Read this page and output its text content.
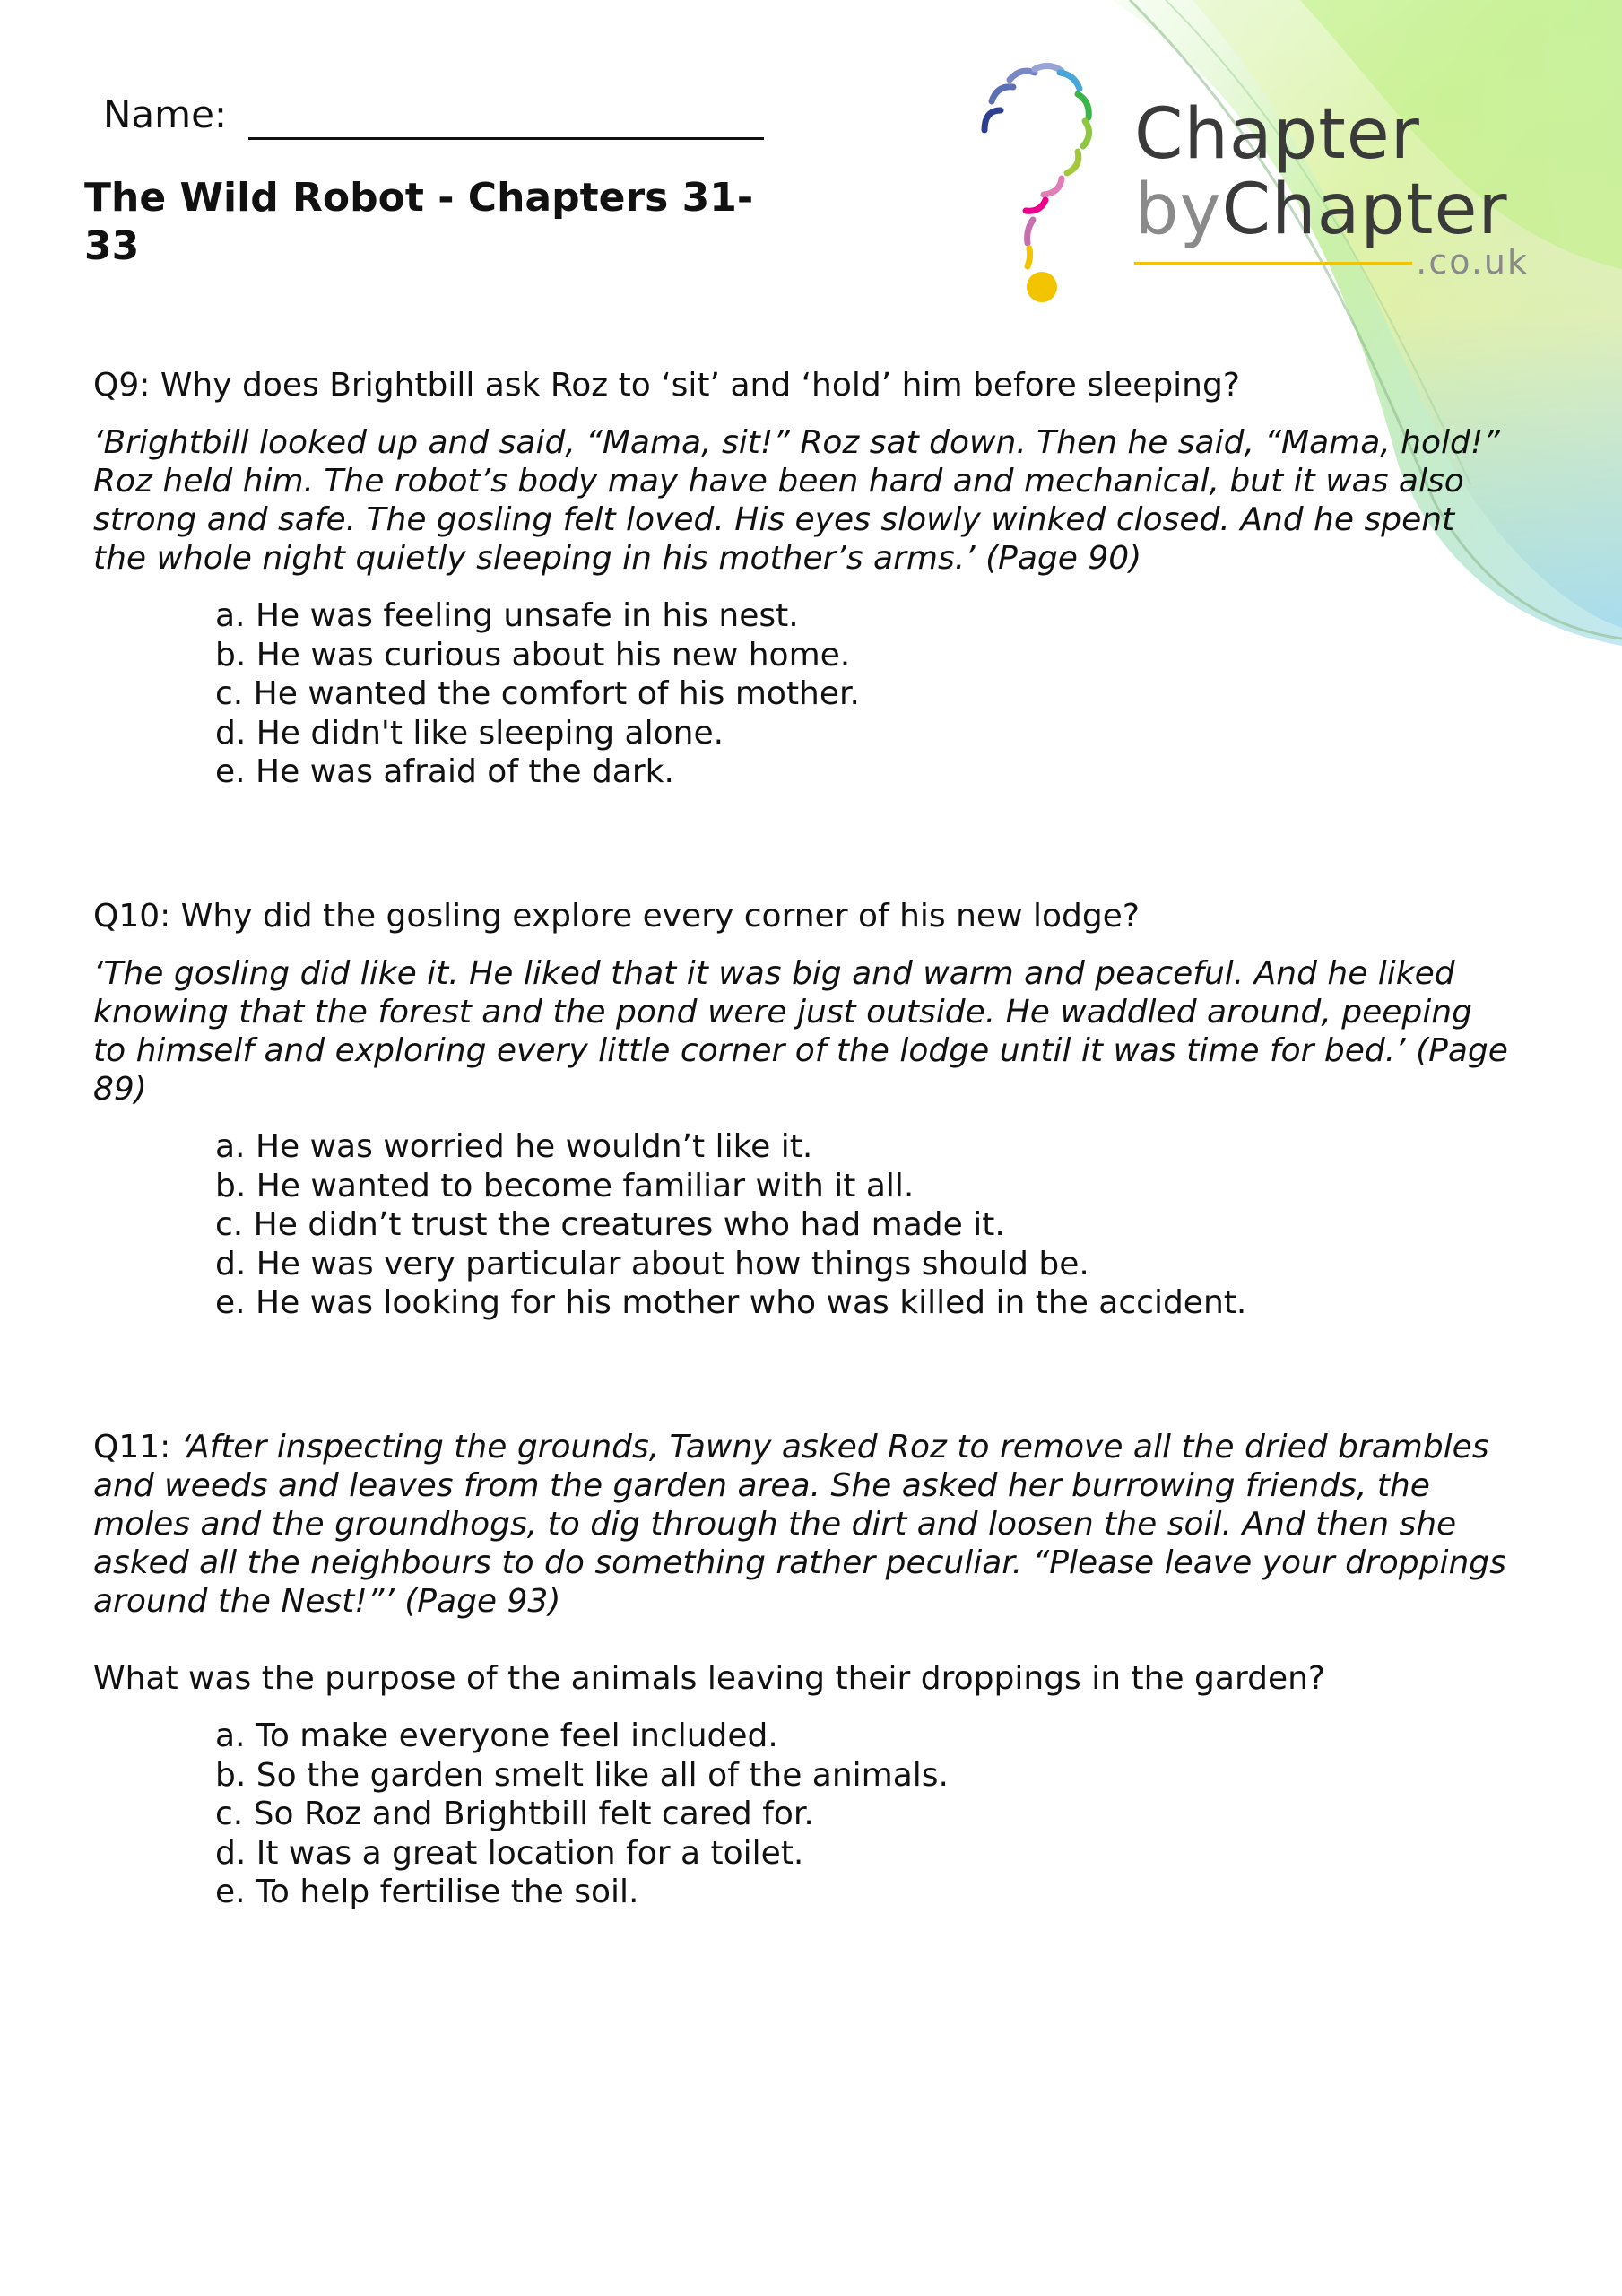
Name:
The Wild Robot - Chapters 31-33
Chapter
byChapter
.co.uk

Q9: Why does Brightbill ask Roz to ‘sit’ and ‘hold’ him before sleeping?

‘Brightbill looked up and said, “Mama, sit!” Roz sat down. Then he said, “Mama, hold!”

Roz held him. The robot’s body may have been hard and mechanical, but it was also

strong and safe. The gosling felt loved. His eyes slowly winked closed. And he spent

the whole night quietly sleeping in his mother’s arms.’ (Page 90)

a. He was feeling unsafe in his nest.
b. He was curious about his new home.
c. He wanted the comfort of his mother.
d. He didn't like sleeping alone.
e. He was afraid of the dark.

Q10: Why did the gosling explore every corner of his new lodge?

‘The gosling did like it. He liked that it was big and warm and peaceful. And he liked

knowing that the forest and the pond were just outside. He waddled around, peeping

to himself and exploring every little corner of the lodge until it was time for bed.’ (Page

89)

a. He was worried he wouldn’t like it.
b. He wanted to become familiar with it all.
c. He didn’t trust the creatures who had made it.
d. He was very particular about how things should be.
e. He was looking for his mother who was killed in the accident.

Q11: ‘After inspecting the grounds, Tawny asked Roz to remove all the dried brambles

and weeds and leaves from the garden area. She asked her burrowing friends, the

moles and the groundhogs, to dig through the dirt and loosen the soil. And then she

asked all the neighbours to do something rather peculiar. “Please leave your droppings

around the Nest!”’ (Page 93)

What was the purpose of the animals leaving their droppings in the garden?

a. To make everyone feel included.
b. So the garden smelt like all of the animals.
c. So Roz and Brightbill felt cared for.
d. It was a great location for a toilet.
e. To help fertilise the soil.
